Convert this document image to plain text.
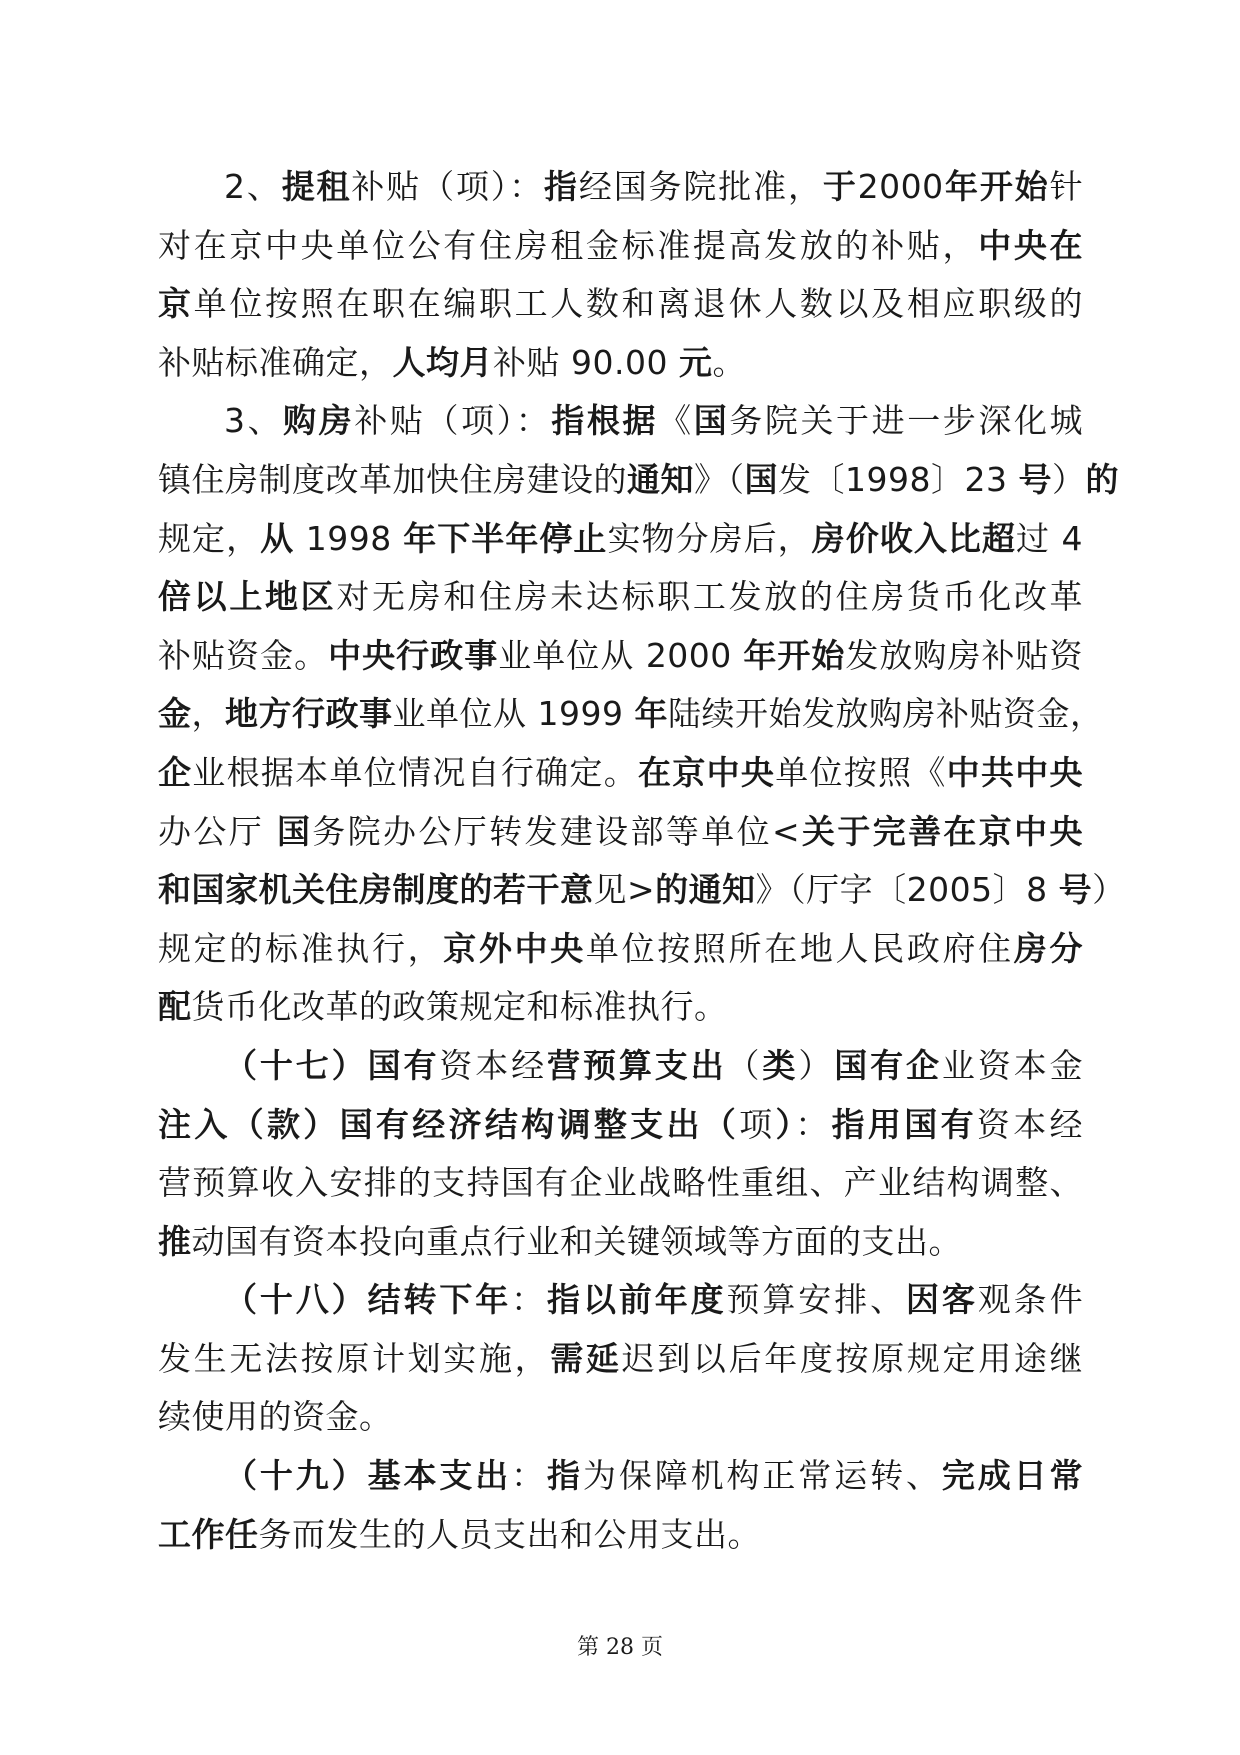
2、提租补贴（项）：指经国务院批准，于2000年开始针
对在京中央单位公有住房租金标准提高发放的补贴，中央在
京单位按照在职在编职工人数和离退休人数以及相应职级的
补贴标准确定，人均月补贴 90.00 元。
3、购房补贴（项）：指根据《国务院关于进一步深化城
镇住房制度改革加快住房建设的通知》（国发〔1998〕23 号）的
规定，从 1998 年下半年停止实物分房后，房价收入比超过 4
倍以上地区对无房和住房未达标职工发放的住房货币化改革
补贴资金。中央行政事业单位从 2000 年开始发放购房补贴资
金，地方行政事业单位从 1999 年陆续开始发放购房补贴资金，
企业根据本单位情况自行确定。在京中央单位按照《中共中央
办公厅 国务院办公厅转发建设部等单位<关于完善在京中央
和国家机关住房制度的若干意见>的通知》（厅字〔2005〕8 号）
规定的标准执行，京外中央单位按照所在地人民政府住房分
配货币化改革的政策规定和标准执行。
（十七）国有资本经营预算支出（类）国有企业资本金
注入（款）国有经济结构调整支出（项）：指用国有资本经
营预算收入安排的支持国有企业战略性重组、产业结构调整、
推动国有资本投向重点行业和关键领域等方面的支出。
（十八）结转下年：指以前年度预算安排、因客观条件
发生无法按原计划实施，需延迟到以后年度按原规定用途继
续使用的资金。
（十九）基本支出：指为保障机构正常运转、完成日常
工作任务而发生的人员支出和公用支出。
第 28 页
